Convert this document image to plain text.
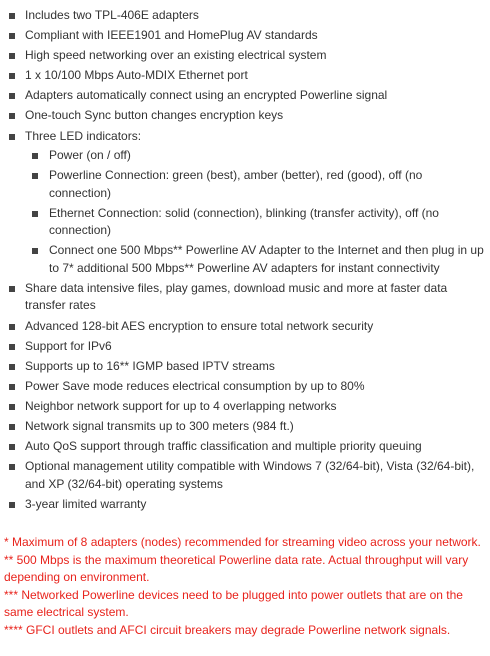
Includes two TPL-406E adapters
Compliant with IEEE1901 and HomePlug AV standards
High speed networking over an existing electrical system
1 x 10/100 Mbps Auto-MDIX Ethernet port
Adapters automatically connect using an encrypted Powerline signal
One-touch Sync button changes encryption keys
Three LED indicators:
Power (on / off)
Powerline Connection: green (best), amber (better), red (good), off (no connection)
Ethernet Connection: solid (connection), blinking (transfer activity), off (no connection)
Connect one 500 Mbps** Powerline AV Adapter to the Internet and then plug in up to 7* additional 500 Mbps** Powerline AV adapters for instant connectivity
Share data intensive files, play games, download music and more at faster data transfer rates
Advanced 128-bit AES encryption to ensure total network security
Support for IPv6
Supports up to 16** IGMP based IPTV streams
Power Save mode reduces electrical consumption by up to 80%
Neighbor network support for up to 4 overlapping networks
Network signal transmits up to 300 meters (984 ft.)
Auto QoS support through traffic classification and multiple priority queuing
Optional management utility compatible with Windows 7 (32/64-bit), Vista (32/64-bit), and XP (32/64-bit) operating systems
3-year limited warranty

* Maximum of 8 adapters (nodes) recommended for streaming video across your network.

** 500 Mbps is the maximum theoretical Powerline data rate. Actual throughput will vary depending on environment.

*** Networked Powerline devices need to be plugged into power outlets that are on the same electrical system.

**** GFCI outlets and AFCI circuit breakers may degrade Powerline network signals.
